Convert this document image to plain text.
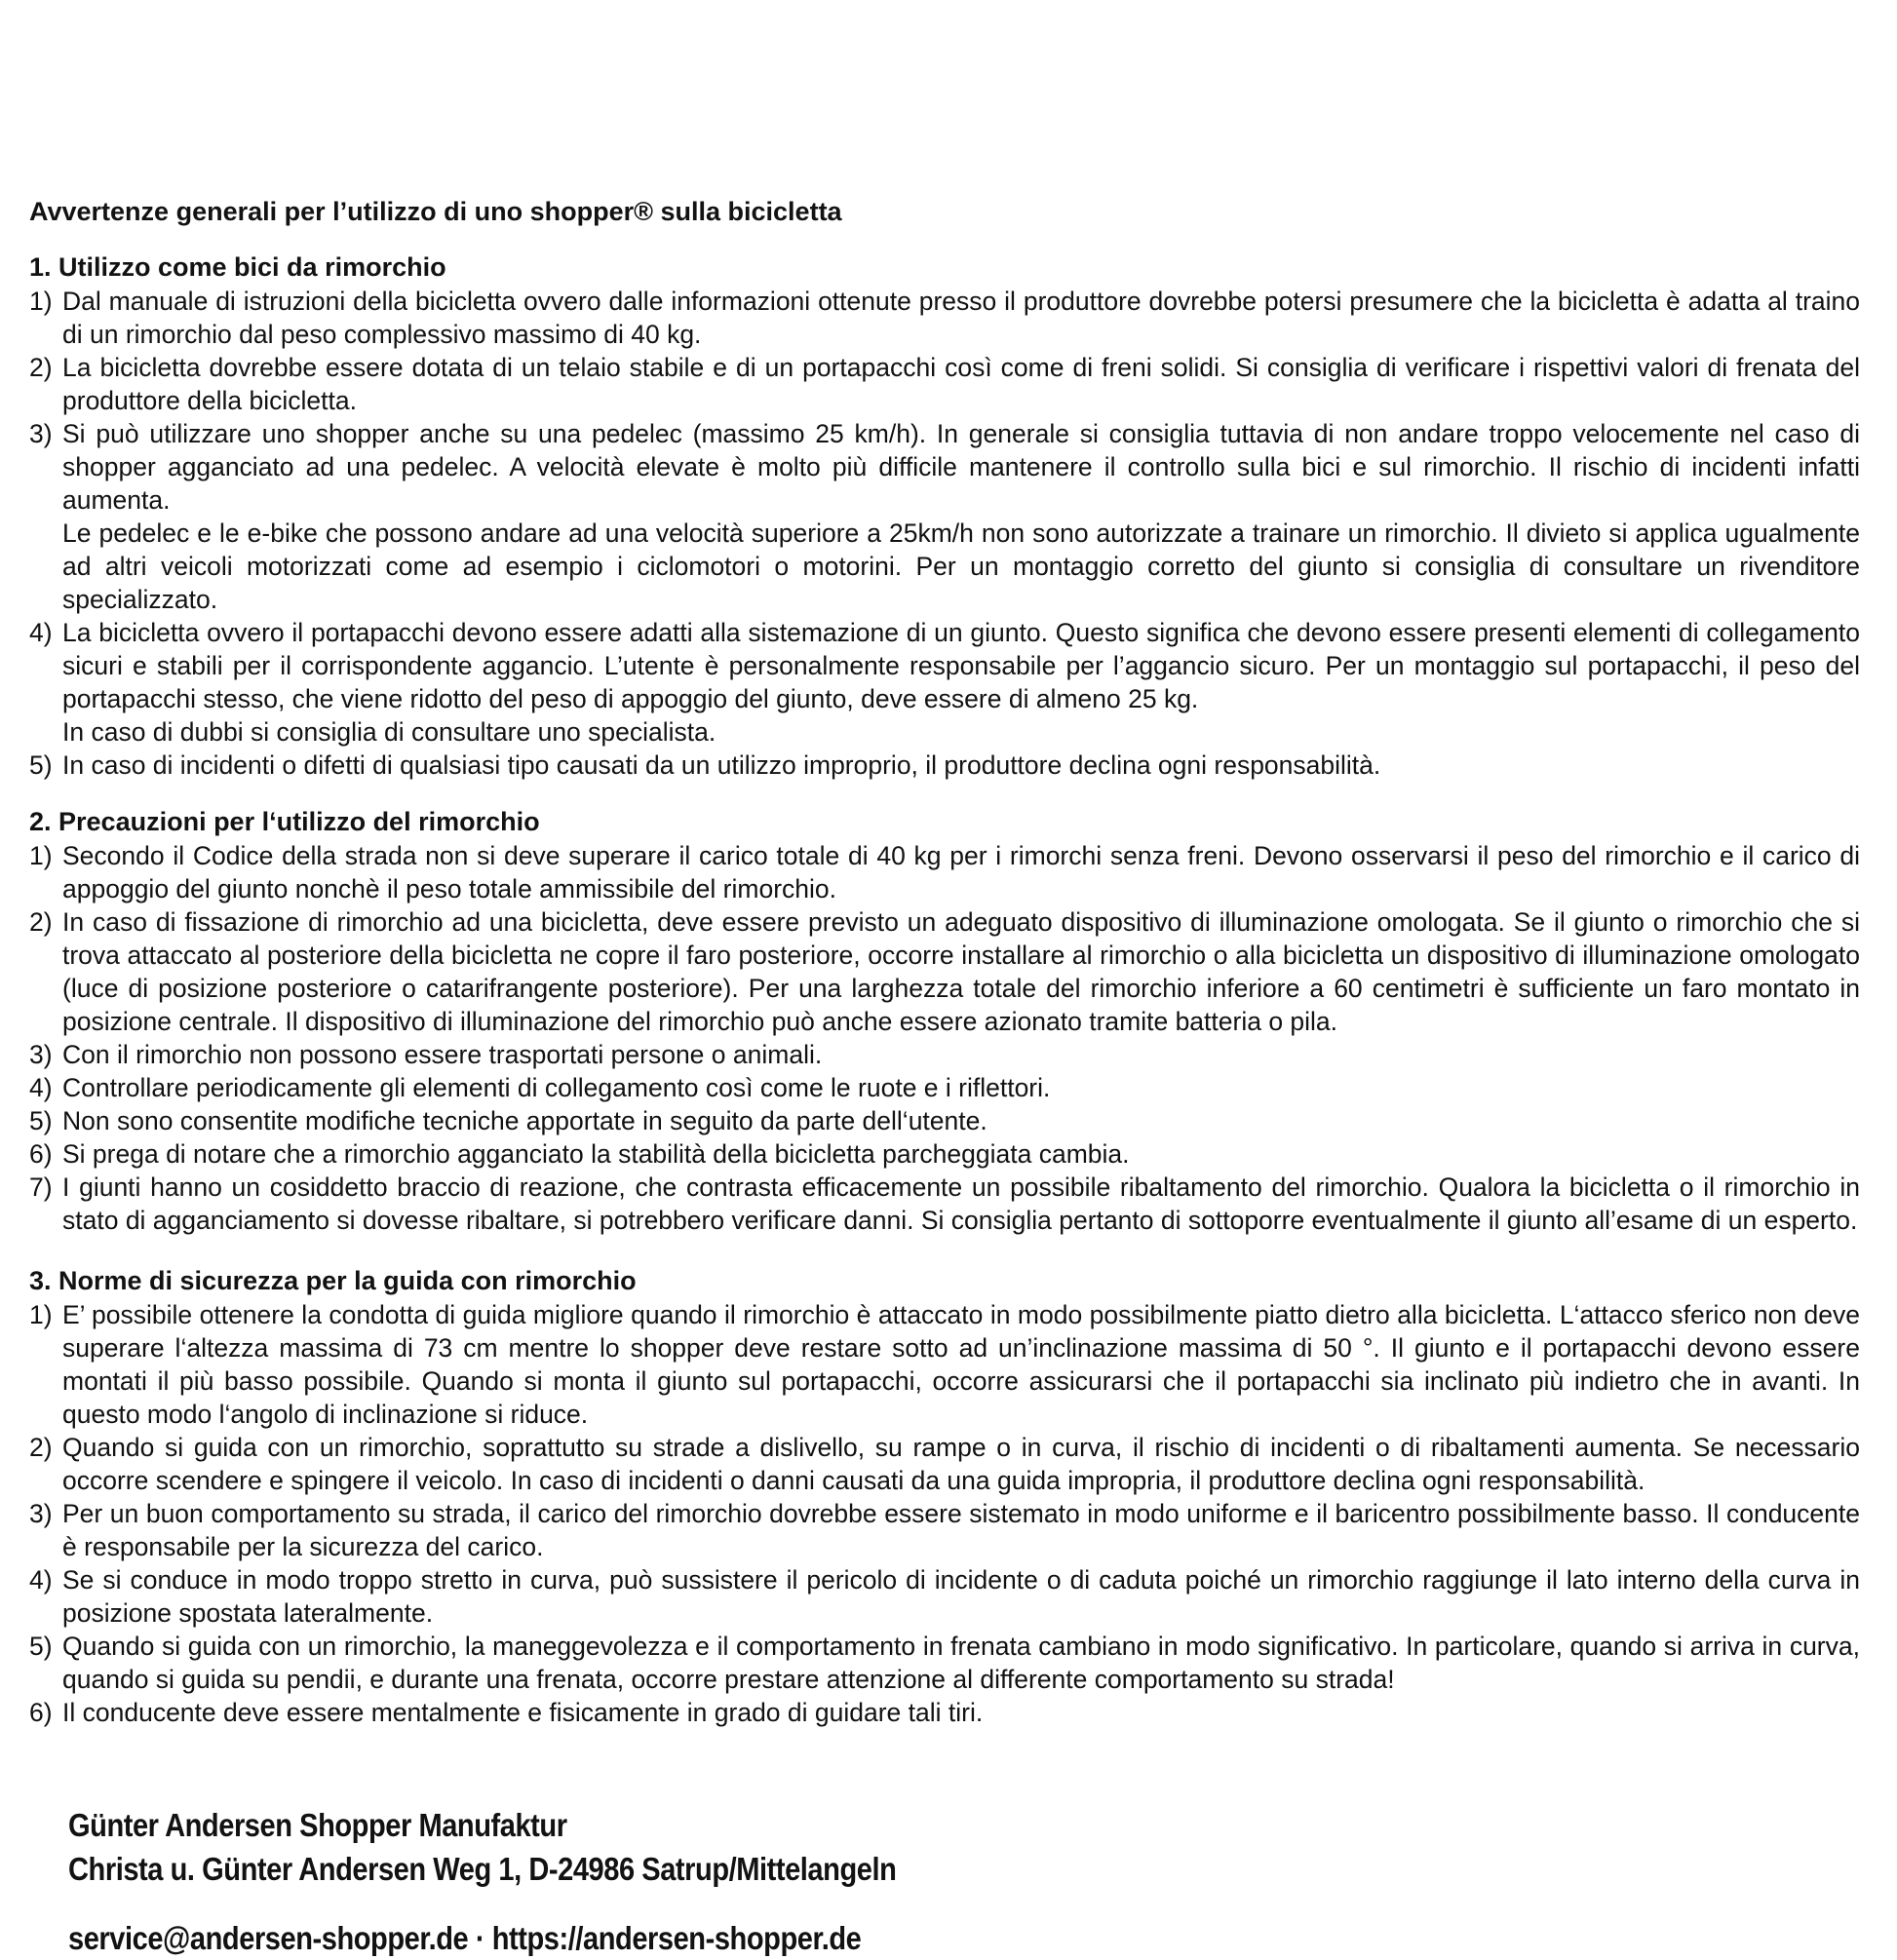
Avvertenze generali per l’utilizzo di uno shopper® sulla bicicletta
1. Utilizzo come bici da rimorchio
1) Dal manuale di istruzioni della bicicletta ovvero dalle informazioni ottenute presso il produttore dovrebbe potersi presumere che la bicicletta è adatta al traino di un rimorchio dal peso complessivo massimo di 40 kg.

2) La bicicletta dovrebbe essere dotata di un telaio stabile e di un portapacchi così come di freni solidi. Si consiglia di verificare i rispettivi valori di frenata del produttore della bicicletta.

3) Si può utilizzare uno shopper anche su una pedelec (massimo 25 km/h). In generale si consiglia tuttavia di non andare troppo velocemente nel caso di shopper agganciato ad una pedelec. A velocità elevate è molto più difficile mantenere il controllo sulla bici e sul rimorchio. Il rischio di incidenti infatti aumenta.

Le pedelec e le e-bike che possono andare ad una velocità superiore a 25km/h non sono autorizzate a trainare un rimorchio. Il divieto si applica ugualmente ad altri veicoli motorizzati come ad esempio i ciclomotori o motorini. Per un montaggio corretto del giunto si consiglia di consultare un rivenditore specializzato.

4) La bicicletta ovvero il portapacchi devono essere adatti alla sistemazione di un giunto. Questo significa che devono essere presenti elementi di collegamento sicuri e stabili per il corrispondente aggancio. L’utente è personalmente responsabile per l’aggancio sicuro. Per un montaggio sul portapacchi, il peso del portapacchi stesso, che viene ridotto del peso di appoggio del giunto, deve essere di almeno 25 kg.

In caso di dubbi si consiglia di consultare uno specialista.

5) In caso di incidenti o difetti di qualsiasi tipo causati da un utilizzo improprio, il produttore declina ogni responsabilità.

2. Precauzioni per l‘utilizzo del rimorchio
1) Secondo il Codice della strada non si deve superare il carico totale di 40 kg per i rimorchi senza freni. Devono osservarsi il peso del rimorchio e il carico di appoggio del giunto nonchè il peso totale ammissibile del rimorchio.

2) In caso di fissazione di rimorchio ad una bicicletta, deve essere previsto un adeguato dispositivo di illuminazione omologata. Se il giunto o rimorchio che si trova attaccato al posteriore della bicicletta ne copre il faro posteriore, occorre installare al rimorchio o alla bicicletta un dispositivo di illuminazione omologato (luce di posizione posteriore o catarifrangente posteriore). Per una larghezza totale del rimorchio inferiore a 60 centimetri è sufficiente un faro montato in posizione centrale. Il dispositivo di illuminazione del rimorchio può anche essere azionato tramite batteria o pila.

3) Con il rimorchio non possono essere trasportati persone o animali.

4) Controllare periodicamente gli elementi di collegamento così come le ruote e i riflettori.

5) Non sono consentite modifiche tecniche apportate in seguito da parte dell‘utente.

6) Si prega di notare che a rimorchio agganciato la stabilità della bicicletta parcheggiata cambia.

7) I giunti hanno un cosiddetto braccio di reazione, che contrasta efficacemente un possibile ribaltamento del rimorchio. Qualora la bicicletta o il rimorchio in stato di agganciamento si dovesse ribaltare, si potrebbero verificare danni. Si consiglia pertanto di sottoporre eventualmente il giunto all’esame di un esperto.

3. Norme di sicurezza per la guida con rimorchio
1) E’ possibile ottenere la condotta di guida migliore quando il rimorchio è attaccato in modo possibilmente piatto dietro alla bicicletta. L‘attacco sferico non deve superare l‘altezza massima di 73 cm mentre lo shopper deve restare sotto ad un’inclinazione massima di 50 °. Il giunto e il portapacchi devono essere montati il più basso possibile. Quando si monta il giunto sul portapacchi, occorre assicurarsi che il portapacchi sia inclinato più indietro che in avanti. In questo modo l‘angolo di inclinazione si riduce.

2) Quando si guida con un rimorchio, soprattutto su strade a dislivello, su rampe o in curva, il rischio di incidenti o di ribaltamenti aumenta. Se necessario occorre scendere e spingere il veicolo. In caso di incidenti o danni causati da una guida impropria, il produttore declina ogni responsabilità.

3) Per un buon comportamento su strada, il carico del rimorchio dovrebbe essere sistemato in modo uniforme e il baricentro possibilmente basso. Il conducente è responsabile per la sicurezza del carico.

4) Se si conduce in modo troppo stretto in curva, può sussistere il pericolo di incidente o di caduta poiché un rimorchio raggiunge il lato interno della curva in posizione spostata lateralmente.

5) Quando si guida con un rimorchio, la maneggevolezza e il comportamento in frenata cambiano in modo significativo. In particolare, quando si arriva in curva, quando si guida su pendii, e durante una frenata, occorre prestare attenzione al differente comportamento su strada!

6) Il conducente deve essere mentalmente e fisicamente in grado di guidare tali tiri.

Günter Andersen Shopper Manufaktur

Christa u. Günter Andersen Weg 1, D-24986 Satrup/Mittelangeln

service@andersen-shopper.de · https://andersen-shopper.de
